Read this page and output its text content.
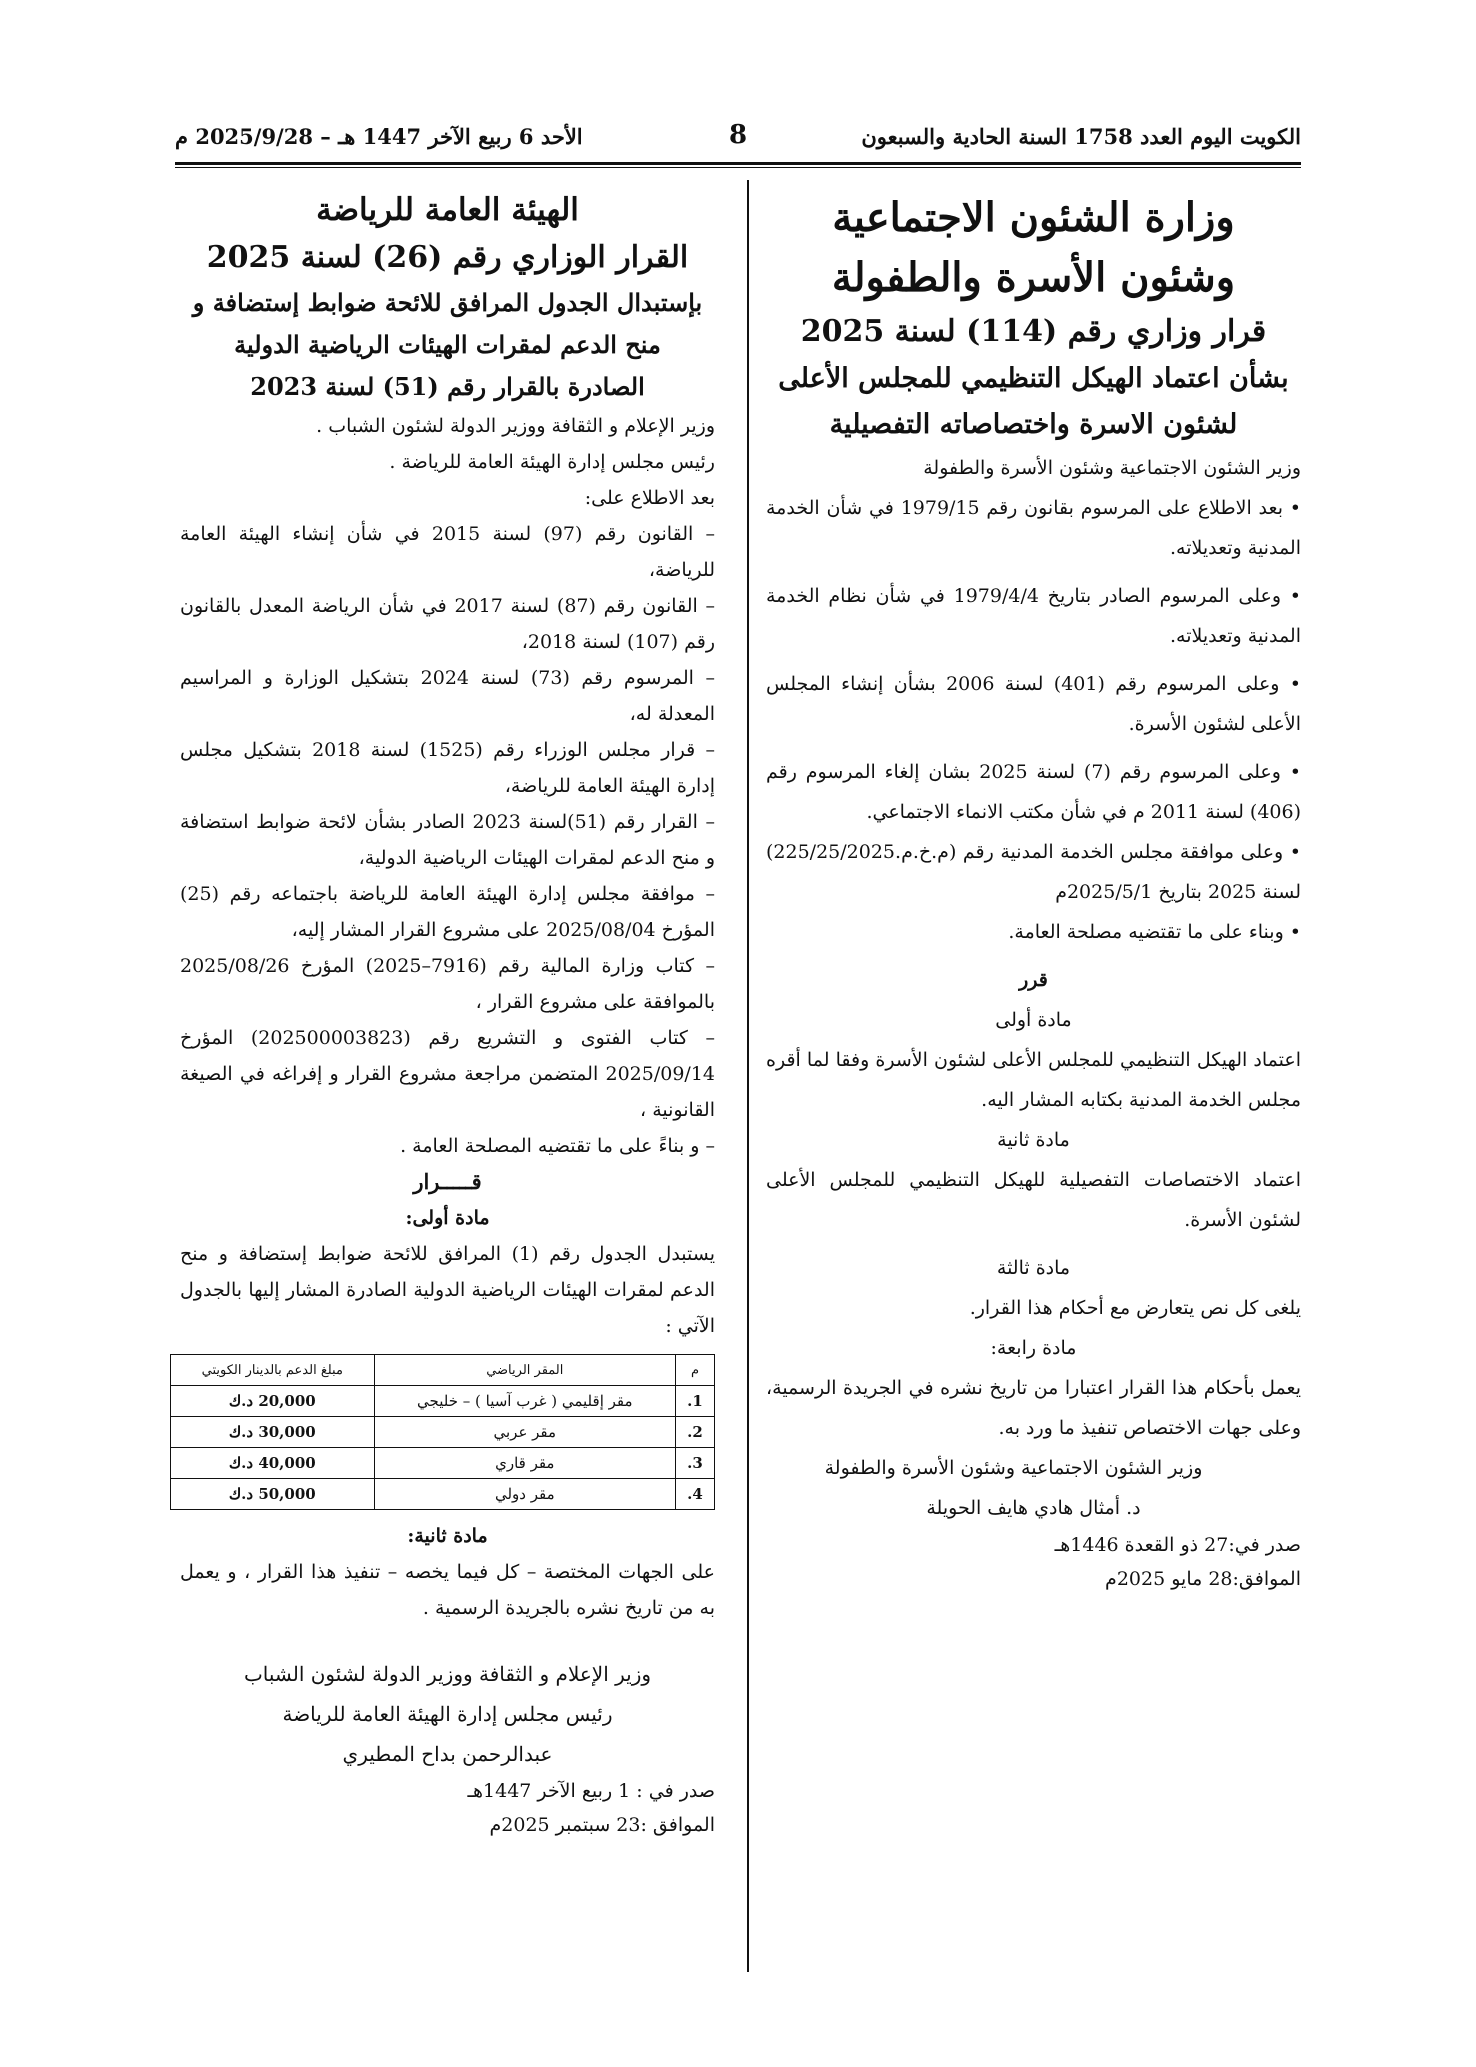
الكويت اليوم العدد 1758 السنة الحادية والسبعون
8
الأحد 6 ربيع الآخر 1447 هـ – 2025/9/28 م

وزارة الشئون الاجتماعية

وشئون الأسرة والطفولة

قرار وزاري رقم (114) لسنة 2025

بشأن اعتماد الهيكل التنظيمي للمجلس الأعلى

لشئون الاسرة واختصاصاته التفصيلية

وزير الشئون الاجتماعية وشئون الأسرة والطفولة

• بعد الاطلاع على المرسوم بقانون رقم 1979/15 في شأن الخدمة المدنية وتعديلاته.

• وعلى المرسوم الصادر بتاريخ 1979/4/4 في شأن نظام الخدمة المدنية وتعديلاته.

• وعلى المرسوم رقم (401) لسنة 2006 بشأن إنشاء المجلس الأعلى لشئون الأسرة.

• وعلى المرسوم رقم (7) لسنة 2025 بشان إلغاء المرسوم رقم (406) لسنة 2011 م في شأن مكتب الانماء الاجتماعي.

• وعلى موافقة مجلس الخدمة المدنية رقم (م.خ.م.225/25/2025) لسنة 2025 بتاريخ 2025/5/1م

• وبناء على ما تقتضيه مصلحة العامة.

قرر

مادة أولى

اعتماد الهيكل التنظيمي للمجلس الأعلى لشئون الأسرة وفقا لما أقره مجلس الخدمة المدنية بكتابه المشار اليه.

مادة ثانية

اعتماد الاختصاصات التفصيلية للهيكل التنظيمي للمجلس الأعلى لشئون الأسرة.

مادة ثالثة

يلغى كل نص يتعارض مع أحكام هذا القرار.

مادة رابعة:

يعمل بأحكام هذا القرار اعتبارا من تاريخ نشره في الجريدة الرسمية، وعلى جهات الاختصاص تنفيذ ما ورد به.

وزير الشئون الاجتماعية وشئون الأسرة والطفولة

د. أمثال هادي هايف الحويلة

صدر في:27 ذو القعدة 1446هـ

الموافق:28 مايو 2025م

الهيئة العامة للرياضة

القرار الوزاري رقم (26) لسنة 2025

بإستبدال الجدول المرافق للائحة ضوابط إستضافة و

منح الدعم لمقرات الهيئات الرياضية الدولية

الصادرة بالقرار رقم (51) لسنة 2023

وزير الإعلام و الثقافة ووزير الدولة لشئون الشباب .

رئيس مجلس إدارة الهيئة العامة للرياضة .

بعد الاطلاع على:

– القانون رقم (97) لسنة 2015 في شأن إنشاء الهيئة العامة للرياضة،

– القانون رقم (87) لسنة 2017 في شأن الرياضة المعدل بالقانون رقم (107) لسنة 2018،

– المرسوم رقم (73) لسنة 2024 بتشكيل الوزارة و المراسيم المعدلة له،

– قرار مجلس الوزراء رقم (1525) لسنة 2018 بتشكيل مجلس إدارة الهيئة العامة للرياضة،

– القرار رقم (51)لسنة 2023 الصادر بشأن لائحة ضوابط استضافة و منح الدعم لمقرات الهيئات الرياضية الدولية،

– موافقة مجلس إدارة الهيئة العامة للرياضة باجتماعه رقم (25) المؤرخ 2025/08/04 على مشروع القرار المشار إليه،

– كتاب وزارة المالية رقم (7916–2025) المؤرخ 2025/08/26 بالموافقة على مشروع القرار ،

– كتاب الفتوى و التشريع رقم (202500003823) المؤرخ 2025/09/14 المتضمن مراجعة مشروع القرار و إفراغه في الصيغة القانونية ،

– و بناءً على ما تقتضيه المصلحة العامة .

قـــــرار

مادة أولى:

يستبدل الجدول رقم (1) المرافق للائحة ضوابط إستضافة و منح الدعم لمقرات الهيئات الرياضية الدولية الصادرة المشار إليها بالجدول الآتي :

م	المقر الرياضي	مبلغ الدعم بالدينار الكويتي
1.	مقر إقليمي ( غرب آسيا ) – خليجي	20,000 د.ك
2.	مقر عربي	30,000 د.ك
3.	مقر قاري	40,000 د.ك
4.	مقر دولي	50,000 د.ك

مادة ثانية:

على الجهات المختصة – كل فيما يخصه – تنفيذ هذا القرار ، و يعمل به من تاريخ نشره بالجريدة الرسمية .

وزير الإعلام و الثقافة ووزير الدولة لشئون الشباب

رئيس مجلس إدارة الهيئة العامة للرياضة

عبدالرحمن بداح المطيري

صدر في : 1 ربيع الآخر 1447هـ

الموافق :23 سبتمبر 2025م
